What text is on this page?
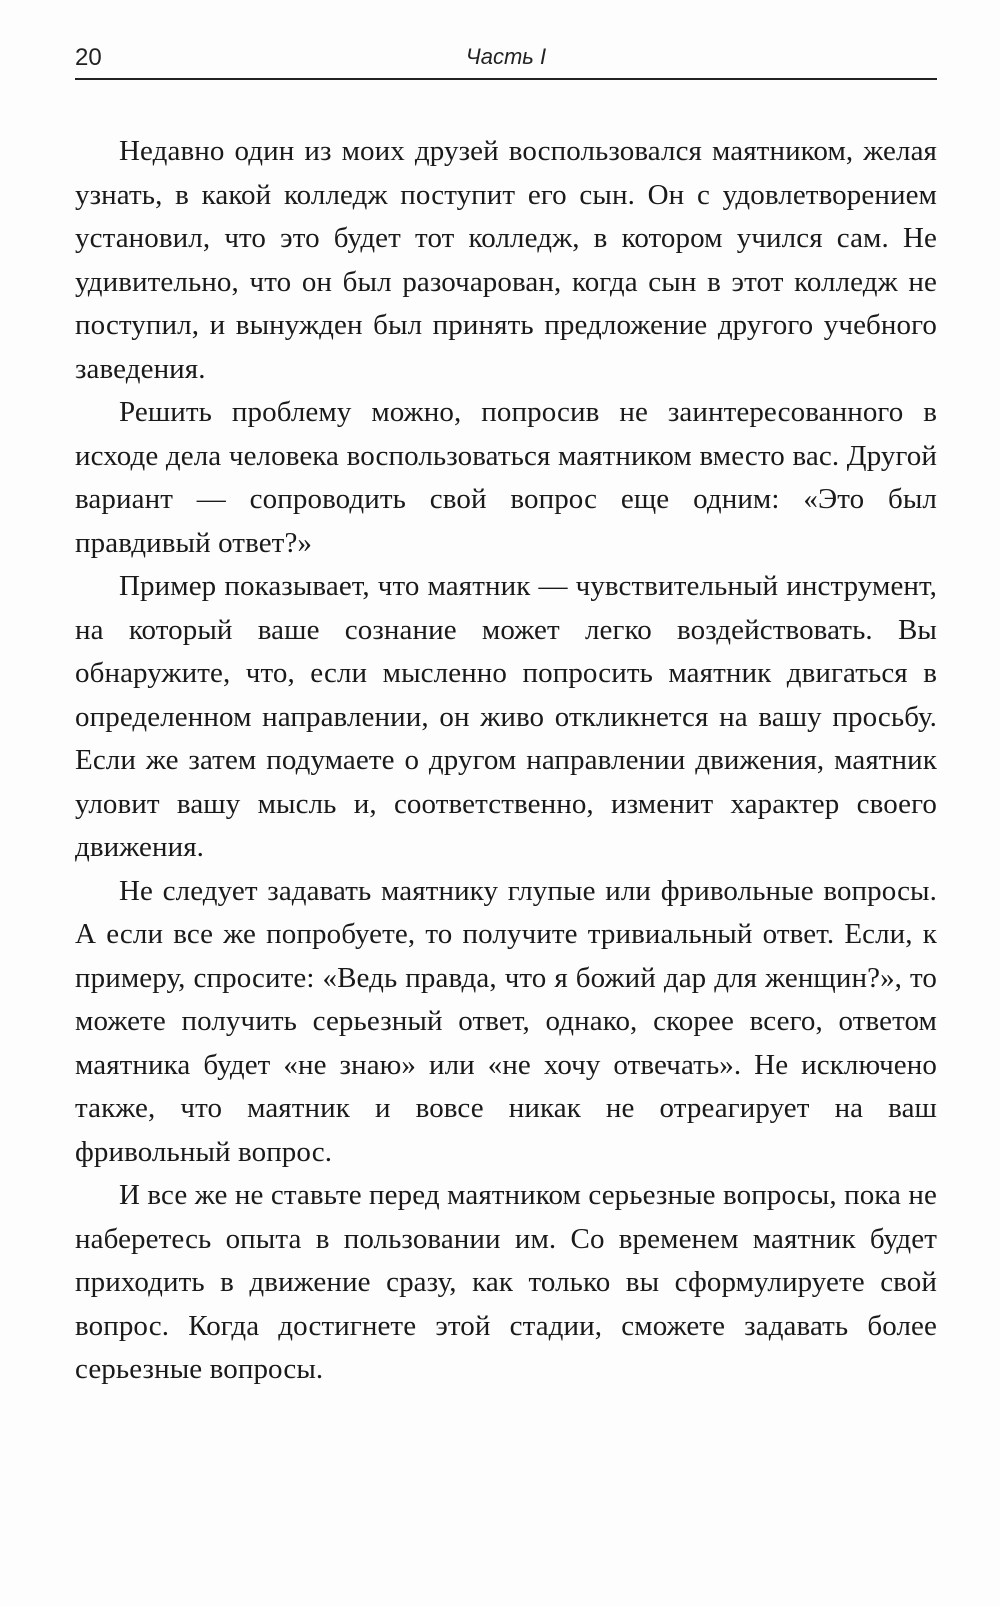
20	Часть I

Недавно один из моих друзей воспользовался маятником, желая узнать, в какой колледж поступит его сын. Он с удовлетворением установил, что это будет тот колледж, в котором учился сам. Не удивительно, что он был разочарован, когда сын в этот колледж не поступил, и вынужден был принять предложение другого учебного заведения.

Решить проблему можно, попросив не заинтересованного в исходе дела человека воспользоваться маятником вместо вас. Другой вариант — сопроводить свой вопрос еще одним: «Это был правдивый ответ?»

Пример показывает, что маятник — чувствительный инструмент, на который ваше сознание может легко воздействовать. Вы обнаружите, что, если мысленно попросить маятник двигаться в определенном направлении, он живо откликнется на вашу просьбу. Если же затем подумаете о другом направлении движения, маятник уловит вашу мысль и, соответственно, изменит характер своего движения.

Не следует задавать маятнику глупые или фривольные вопросы. А если все же попробуете, то получите тривиальный ответ. Если, к примеру, спросите: «Ведь правда, что я божий дар для женщин?», то можете получить серьезный ответ, однако, скорее всего, ответом маятника будет «не знаю» или «не хочу отвечать». Не исключено также, что маятник и вовсе никак не отреагирует на ваш фривольный вопрос.

И все же не ставьте перед маятником серьезные вопросы, пока не наберетесь опыта в пользовании им. Со временем маятник будет приходить в движение сразу, как только вы сформулируете свой вопрос. Когда достигнете этой стадии, сможете задавать более серьезные вопросы.
